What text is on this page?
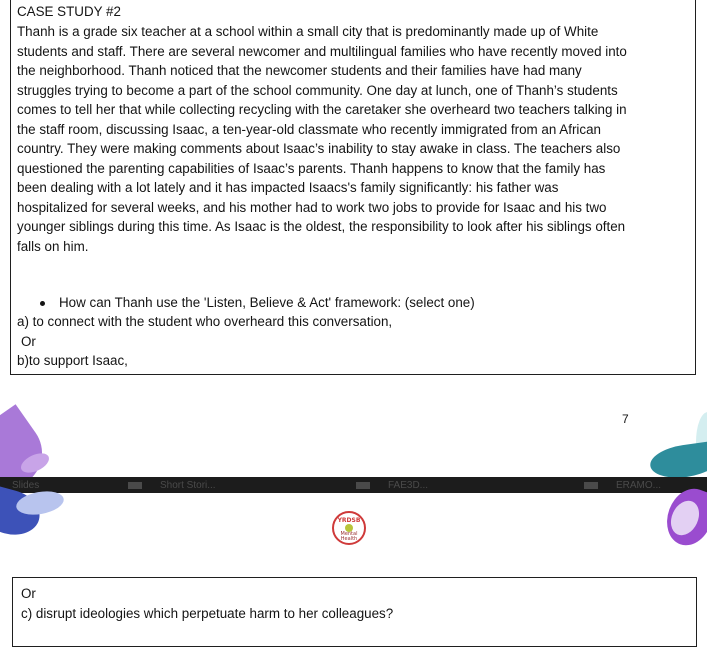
CASE STUDY #2
Thanh is a grade six teacher at a school within a small city that is predominantly made up of White
students and staff. There are several newcomer and multilingual families who have recently moved into
the neighborhood. Thanh noticed that the newcomer students and their families have had many
struggles trying to become a part of the school community. One day at lunch, one of Thanh’s students
comes to tell her that while collecting recycling with the caretaker she overheard two teachers talking in
the staff room, discussing Isaac, a ten-year-old classmate who recently immigrated from an African
country. They were making comments about Isaac’s inability to stay awake in class. The teachers also
questioned the parenting capabilities of Isaac’s parents. Thanh happens to know that the family has
been dealing with a lot lately and it has impacted Isaacs's family significantly: his father was
hospitalized for several weeks, and his mother had to work two jobs to provide for Isaac and his two
younger siblings during this time. As Isaac is the oldest, the responsibility to look after his siblings often
falls on him.
How can Thanh use the 'Listen, Believe & Act' framework: (select one)
a) to connect with the student who overheard this conversation,
Or
b)to support Isaac,
7
Slides	Short Stori...	FAE3D...	ERAMO...
YRDSB
Mental Health
Or
c) disrupt ideologies which perpetuate harm to her colleagues?
